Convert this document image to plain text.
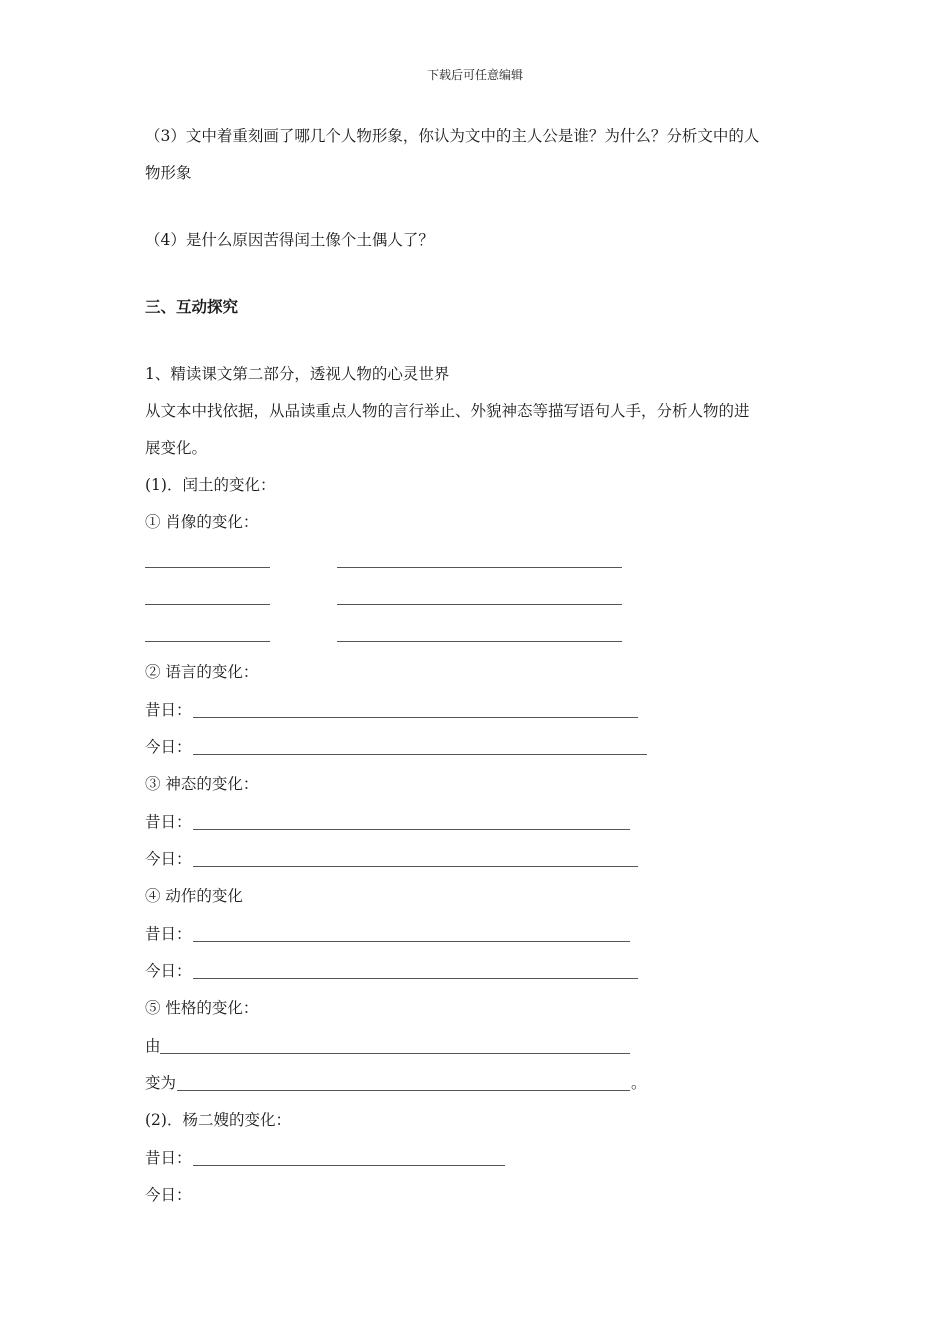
下载后可任意编辑
（3）文中着重刻画了哪几个人物形象，你认为文中的主人公是谁？为什么？分析文中的人
物形象
（4）是什么原因苦得闰土像个土偶人了？
三、互动探究
1、精读课文第二部分，透视人物的心灵世界
从文本中找依据，从品读重点人物的言行举止、外貌神态等描写语句人手，分析人物的进
展变化。
(1)．闰土的变化：
① 肖像的变化：
② 语言的变化：
昔日：
今日：
③ 神态的变化：
昔日：
今日：
④ 动作的变化
昔日：
今日：
⑤ 性格的变化：
由
变为	。
(2)．杨二嫂的变化：
昔日：
今日：
